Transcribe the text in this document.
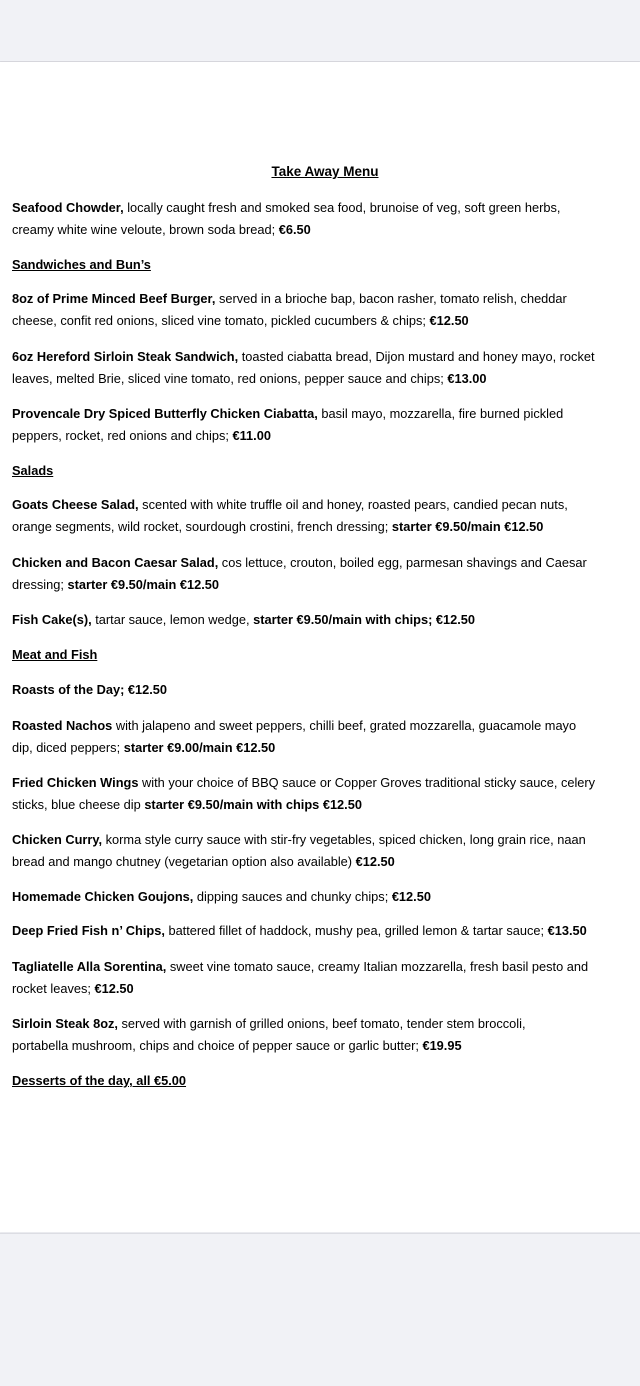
Take Away Menu
Seafood Chowder, locally caught fresh and smoked sea food, brunoise of veg, soft green herbs,
creamy white wine veloute, brown soda bread; €6.50
Sandwiches and Bun’s
8oz of Prime Minced Beef Burger, served in a brioche bap, bacon rasher, tomato relish, cheddar
cheese, confit red onions, sliced vine tomato, pickled cucumbers & chips; €12.50
6oz Hereford Sirloin Steak Sandwich, toasted ciabatta bread, Dijon mustard and honey mayo, rocket
leaves, melted Brie, sliced vine tomato, red onions, pepper sauce and chips; €13.00
Provencale Dry Spiced Butterfly Chicken Ciabatta, basil mayo, mozzarella, fire burned pickled
peppers, rocket, red onions and chips; €11.00
Salads
Goats Cheese Salad, scented with white truffle oil and honey, roasted pears, candied pecan nuts,
orange segments, wild rocket, sourdough crostini, french dressing; starter €9.50/main €12.50
Chicken and Bacon Caesar Salad, cos lettuce, crouton, boiled egg, parmesan shavings and Caesar
dressing; starter €9.50/main €12.50
Fish Cake(s), tartar sauce, lemon wedge, starter €9.50/main with chips; €12.50
Meat and Fish
Roasts of the Day; €12.50
Roasted Nachos with jalapeno and sweet peppers, chilli beef, grated mozzarella, guacamole mayo
dip, diced peppers; starter €9.00/main €12.50
Fried Chicken Wings with your choice of BBQ sauce or Copper Groves traditional sticky sauce, celery
sticks, blue cheese dip starter €9.50/main with chips €12.50
Chicken Curry, korma style curry sauce with stir-fry vegetables, spiced chicken, long grain rice, naan
bread and mango chutney (vegetarian option also available) €12.50
Homemade Chicken Goujons, dipping sauces and chunky chips; €12.50
Deep Fried Fish n’ Chips, battered fillet of haddock, mushy pea, grilled lemon & tartar sauce; €13.50
Tagliatelle Alla Sorentina, sweet vine tomato sauce, creamy Italian mozzarella, fresh basil pesto and
rocket leaves; €12.50
Sirloin Steak 8oz, served with garnish of grilled onions, beef tomato, tender stem broccoli,
portabella mushroom, chips and choice of pepper sauce or garlic butter; €19.95
Desserts of the day, all €5.00
